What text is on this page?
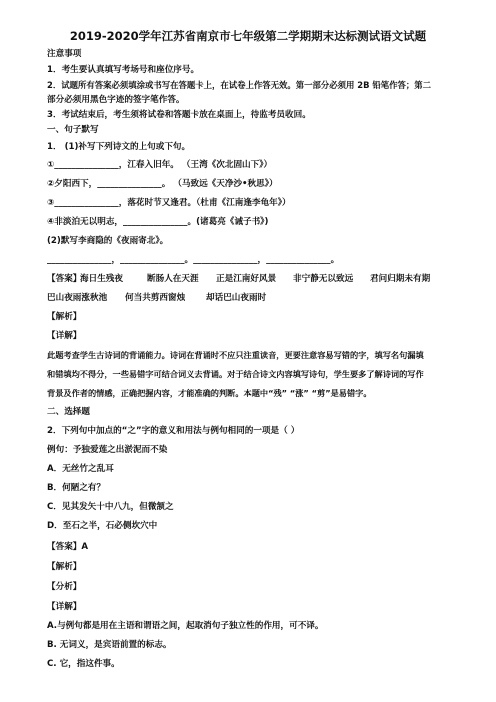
2019-2020学年江苏省南京市七年级第二学期期末达标测试语文试题
注意事项
1．考生要认真填写考场号和座位序号。
2．试题所有答案必须填涂或书写在答题卡上，在试卷上作答无效。第一部分必须用 2B 铅笔作答；第二
部分必须用黑色字迹的签字笔作答。
3．考试结束后，考生须将试卷和答题卡放在桌面上，待监考员收回。
一、句子默写
1． (1)补写下列诗文的上句或下句。
①_______________，江春入旧年。 （王湾《次北固山下》）
②夕阳西下，_______________。 （马致远《天净沙•秋思》）
③_______________，落花时节又逢君。（杜甫《江南逢李龟年》）
④非淡泊无以明志，_______________。(诸葛亮《诫子书》)
(2)默写李商隐的《夜雨寄北》。
_______________，_______________。_______________，_______________。
【答案】
海日生残夜	断肠人在天涯 正是江南好风景 非宁静无以致远 君问归期未有期
巴山夜雨涨秋池 何当共剪西窗烛 却话巴山夜雨时
【解析】
【详解】
此题考查学生古诗词的背诵能力。诗词在背诵时不应只注重读音，更要注意容易写错的字，填写名句漏填
和错填均不得分，一些易错字可结合词义去背诵。对于结合诗文内容填写诗句，学生要多了解诗词的写作
背景及作者的情感，正确把握内容，才能准确的判断。本题中“残” “涨” “剪”是易错字。
二、选择题
2．下列句中加点的“之”字的意义和用法与例句相同的一项是（ ）
例句：予独爱莲之出淤泥而不染
A．无丝竹之乱耳
B．何陋之有？
C．见其发矢十中八九，但微颔之
D．至石之半，石必侧坎穴中
【答案】A
【解析】
【分析】
【详解】
A.与例句都是用在主语和谓语之间，起取消句子独立性的作用，可不译。
B. 无词义，是宾语前置的标志。
C. 它，指这件事。
